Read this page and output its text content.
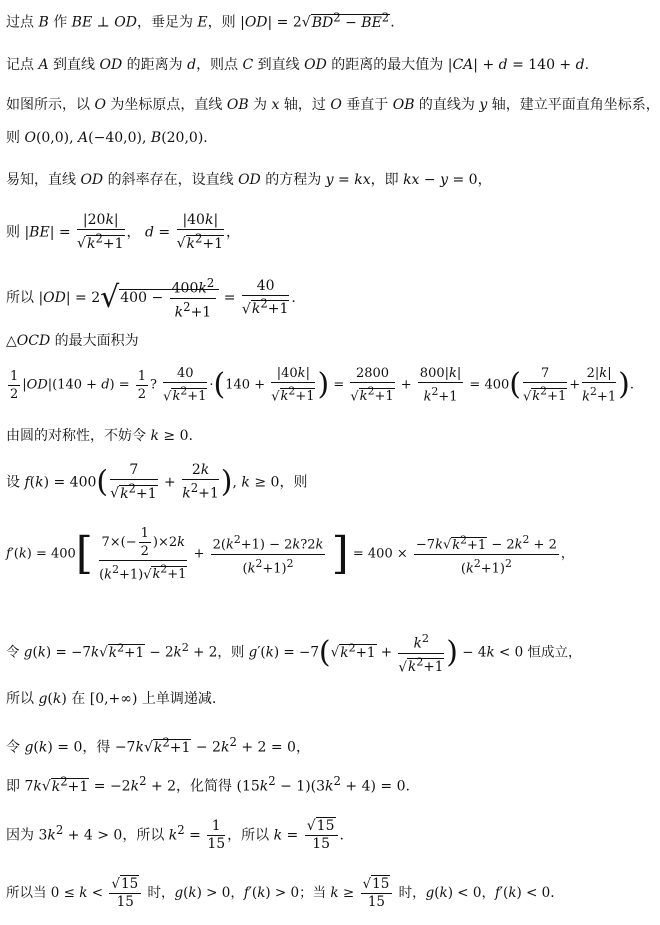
过点 B 作 BE ⊥ OD，垂足为 E，则 $|OD| = 2√BD^2 - BE^2$.
记点 A 到直线 OD 的距离为 d，则点 C 到直线 OD 的距离的最大值为 |CA| + d = 140 + d.
如图所示，以 O 为坐标原点，直线 OB 为 x 轴，过 O 垂直于 OB 的直线为 y 轴，建立平面直角坐标系，
则 O(0,0), A(−40,0), B(20,0).
易知，直线 OD 的斜率存在，设直线 OD 的方程为 y = kx，即 kx − y = 0，
则 $|BE| = \frac{|20k|}{√k^2+1}$ ， $d = \frac{|40k|}{√k^2+1}$ ，
所以 $|OD| = 2√400 - \frac{400k^2}{k^2+1} = \frac{40}{√k^2+1}$ .
△OCD 的最大面积为
$\frac{1}{2} |OD|(140 + d) = \frac{1}{2}$ ? $\frac{40}{√k^2+1} \cdot(140 + \frac{|40k|}{√k^2+1}$ ) = $\frac{2800}{√k^2+1} + \frac{800|k|}{k^2+1} = 400( \frac{7}{√k^2+1} + \frac{2|k|}{k^2+1}$ ).
由圆的对称性，不妨令 k ≥ 0.
设 $f(k) = 400( \frac{7}{√k^2+1} + \frac{2k}{k^2+1}$ ), k ≥ 0，则
$f'(k) = 400[ \frac{7\times(- \frac{1}{2} )\times 2k}{(k^2+1)√k^2+1} + \frac{2(k^2+1) - 2k?2k}{(k^2+1)^2}$ ] = $400 \times \frac{-7k√k^2+1 - 2k^2 + 2}{(k^2+1)^2}$ ，
令 $g(k) = -7k√k^2+1 - 2k^2 + 2$，则 $g'(k) = -7(√k^2+1 + \frac{k^2}{√k^2+1}$ ) − 4k < 0 恒成立，
所以 g(k) 在 [0,+∞) 上单调递减.
令 g(k) = 0，得 $-7k√k^2+1 - 2k^2 + 2 = 0$，
即 $7k√k^2+1 = -2k^2 + 2$，化简得 $(15k^2 - 1)(3k^2 + 4) = 0$.
因为 $3k^2 + 4 > 0$，所以 $k^2 = \frac{1}{15}$ ，所以 $k = \frac{√15}{15}$ .
所以当 $0 \le k < \frac{√15}{15}$ 时，g(k) > 0，f′(k) > 0；当 $k \ge \frac{√15}{15}$ 时，g(k) < 0，f′(k) < 0.
